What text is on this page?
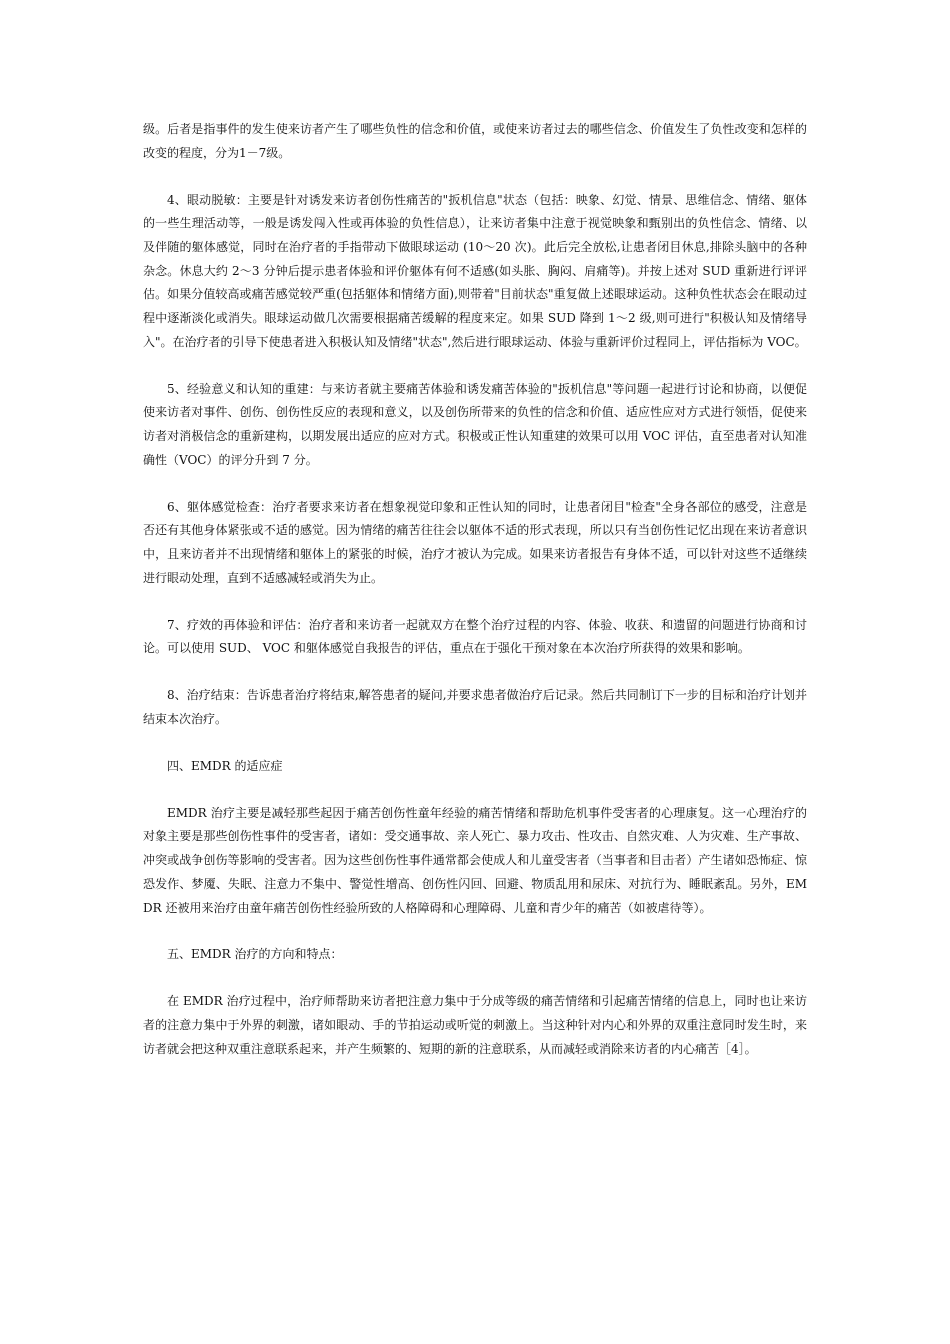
级。后者是指事件的发生使来访者产生了哪些负性的信念和价值，或使来访者过去的哪些信念、价值发生了负性改变和怎样的改变的程度，分为1－7级。

4、眼动脱敏：主要是针对诱发来访者创伤性痛苦的"扳机信息"状态（包括：映象、幻觉、情景、思维信念、情绪、躯体的一些生理活动等，一般是诱发闯入性或再体验的负性信息），让来访者集中注意于视觉映象和甄别出的负性信念、情绪、以及伴随的躯体感觉，同时在治疗者的手指带动下做眼球运动 (10～20 次)。此后完全放松,让患者闭目休息,排除头脑中的各种杂念。休息大约 2～3 分钟后提示患者体验和评价躯体有何不适感(如头胀、胸闷、肩痛等)。并按上述对 SUD 重新进行评评估。如果分值较高或痛苦感觉较严重(包括躯体和情绪方面),则带着"目前状态"重复做上述眼球运动。这种负性状态会在眼动过程中逐渐淡化或消失。眼球运动做几次需要根据痛苦缓解的程度来定。如果 SUD 降到 1～2 级,则可进行"积极认知及情绪导入"。在治疗者的引导下使患者进入积极认知及情绪"状态",然后进行眼球运动、体验与重新评价过程同上，评估指标为 VOC。

5、经验意义和认知的重建：与来访者就主要痛苦体验和诱发痛苦体验的"扳机信息"等问题一起进行讨论和协商，以便促使来访者对事件、创伤、创伤性反应的表现和意义，以及创伤所带来的负性的信念和价值、适应性应对方式进行领悟，促使来访者对消极信念的重新建构，以期发展出适应的应对方式。积极或正性认知重建的效果可以用 VOC 评估，直至患者对认知准确性（VOC）的评分升到 7 分。

6、躯体感觉检查：治疗者要求来访者在想象视觉印象和正性认知的同时，让患者闭目"检查"全身各部位的感受，注意是否还有其他身体紧张或不适的感觉。因为情绪的痛苦往往会以躯体不适的形式表现，所以只有当创伤性记忆出现在来访者意识中，且来访者并不出现情绪和躯体上的紧张的时候，治疗才被认为完成。如果来访者报告有身体不适，可以针对这些不适继续进行眼动处理，直到不适感减轻或消失为止。

7、疗效的再体验和评估：治疗者和来访者一起就双方在整个治疗过程的内容、体验、收获、和遗留的问题进行协商和讨论。可以使用 SUD、 VOC 和躯体感觉自我报告的评估，重点在于强化干预对象在本次治疗所获得的效果和影响。

8、治疗结束：告诉患者治疗将结束,解答患者的疑问,并要求患者做治疗后记录。然后共同制订下一步的目标和治疗计划并结束本次治疗。

四、EMDR 的适应症

EMDR 治疗主要是减轻那些起因于痛苦创伤性童年经验的痛苦情绪和帮助危机事件受害者的心理康复。这一心理治疗的对象主要是那些创伤性事件的受害者，诸如：受交通事故、亲人死亡、暴力攻击、性攻击、自然灾难、人为灾难、生产事故、冲突或战争创伤等影响的受害者。因为这些创伤性事件通常都会使成人和儿童受害者（当事者和目击者）产生诸如恐怖症、惊恐发作、梦魇、失眠、注意力不集中、警觉性增高、创伤性闪回、回避、物质乱用和尿床、对抗行为、睡眠紊乱。另外，EMDR 还被用来治疗由童年痛苦创伤性经验所致的人格障碍和心理障碍、儿童和青少年的痛苦（如被虐待等）。

五、EMDR 治疗的方向和特点：

在 EMDR 治疗过程中，治疗师帮助来访者把注意力集中于分成等级的痛苦情绪和引起痛苦情绪的信息上，同时也让来访者的注意力集中于外界的刺激，诸如眼动、手的节拍运动或听觉的刺激上。当这种针对内心和外界的双重注意同时发生时，来访者就会把这种双重注意联系起来，并产生频繁的、短期的新的注意联系，从而减轻或消除来访者的内心痛苦［4］。
